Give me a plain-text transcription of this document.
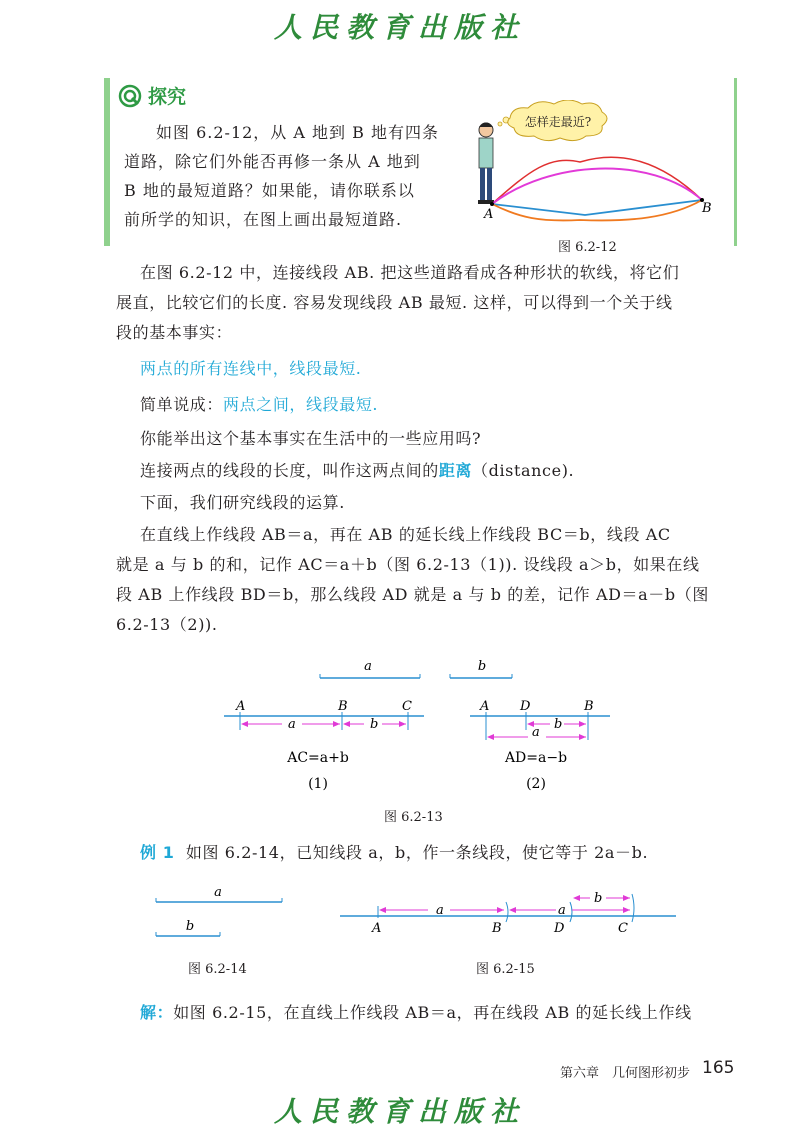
人民教育出版社
探究

如图 6.2-12，从 A 地到 B 地有四条

道路，除它们外能否再修一条从 A 地到

B 地的最短道路？如果能，请你联系以

前所学的知识，在图上画出最短道路.

怎样走最近?
A	B
图 6.2-12

在图 6.2-12 中，连接线段 AB. 把这些道路看成各种形状的软线，将它们

展直，比较它们的长度. 容易发现线段 AB 最短. 这样，可以得到一个关于线

段的基本事实：

两点的所有连线中，线段最短.
简单说成：两点之间，线段最短.
你能举出这个基本事实在生活中的一些应用吗?
连接两点的线段的长度，叫作这两点间的距离（distance).
下面，我们研究线段的运算.

在直线上作线段 AB＝a，再在 AB 的延长线上作线段 BC＝b，线段 AC

就是 a 与 b 的和，记作 AC＝a＋b（图 6.2-13（1)). 设线段 a＞b，如果在线

段 AB 上作线段 BD＝b，那么线段 AD 就是 a 与 b 的差，记作 AD＝a－b（图

6.2-13（2)).

a	b
A	B	C
a	b
AC=a+b
(1)
A D	B
b
a
AD=a−b
(2)
图 6.2-13
例 1 如图 6.2-14，已知线段 a，b，作一条线段，使它等于 2a－b.
a
b
图 6.2-14
a	a
b
A	B	D	C
图 6.2-15
解：如图 6.2-15，在直线上作线段 AB＝a，再在线段 AB 的延长线上作线
第六章　几何图形初步 165
人民教育出版社
